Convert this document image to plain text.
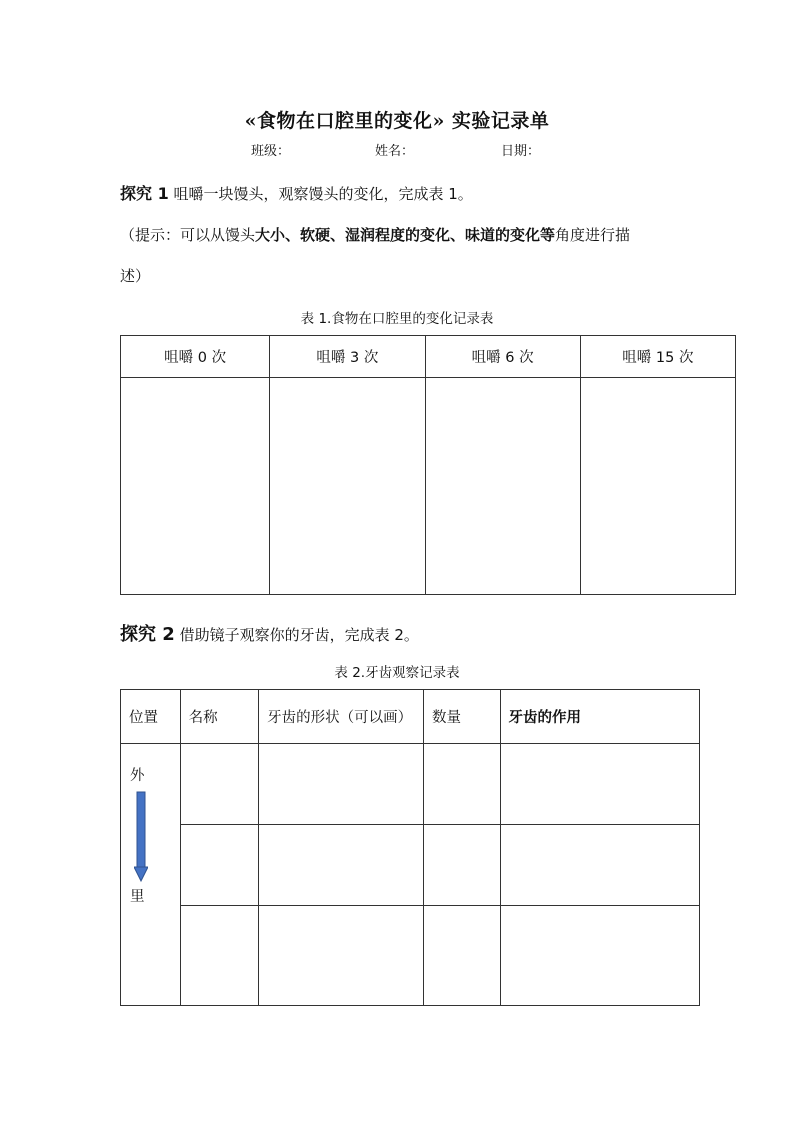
«食物在口腔里的变化» 实验记录单
班级：	姓名：	日期：
探究 1 咀嚼一块馒头，观察馒头的变化，完成表 1。
（提示：可以从馒头大小、软硬、湿润程度的变化、味道的变化等角度进行描
述）
表 1.食物在口腔里的变化记录表
咀嚼 0 次	咀嚼 3 次	咀嚼 6 次	咀嚼 15 次

探究 2 借助镜子观察你的牙齿，完成表 2。
表 2.牙齿观察记录表
位置	名称	牙齿的形状（可以画）	数量	牙齿的作用

外
里				
